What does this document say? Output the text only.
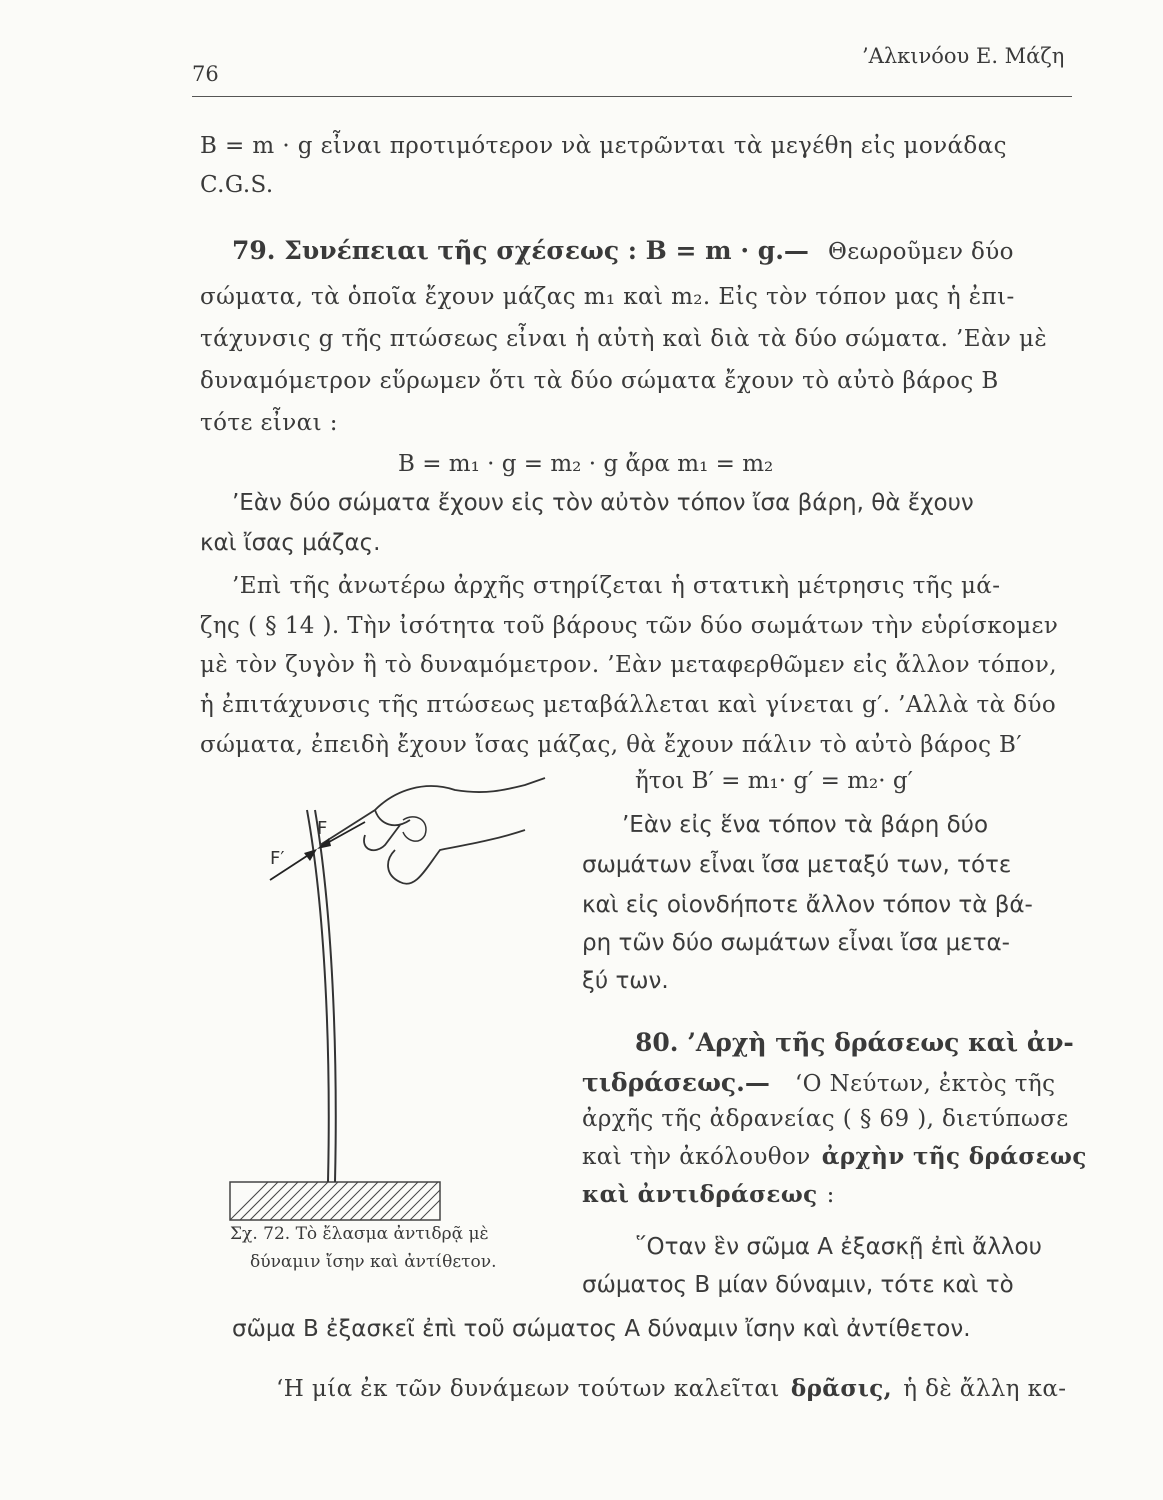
76
’Αλκινόου Ε. Μάζη
B = m · g εἶναι προτιμότερον νὰ μετρῶνται τὰ μεγέθη εἰς μονάδας
C.G.S.
79. Συνέπειαι τῆς σχέσεως : B = m · g.— Θεωροῦμεν δύο
σώματα, τὰ ὁποῖα ἔχουν μάζας m₁ καὶ m₂. Εἰς τὸν τόπον μας ἡ ἐπι-
τάχυνσις g τῆς πτώσεως εἶναι ἡ αὐτὴ καὶ διὰ τὰ δύο σώματα. ’Εὰν μὲ
δυναμόμετρον εὕρωμεν ὅτι τὰ δύο σώματα ἔχουν τὸ αὐτὸ βάρος B
τότε εἶναι :
B = m₁ · g = m₂ · g ἄρα m₁ = m₂
’Εὰν δύο σώματα ἔχουν εἰς τὸν αὐτὸν τόπον ἴσα βάρη, θὰ ἔχουν
καὶ ἴσας μάζας.
’Επὶ τῆς ἀνωτέρω ἀρχῆς στηρίζεται ἡ στατικὴ μέτρησις τῆς μά-
ζης ( § 14 ). Τὴν ἰσότητα τοῦ βάρους τῶν δύο σωμάτων τὴν εὑρίσκομεν
μὲ τὸν ζυγὸν ἢ τὸ δυναμόμετρον. ’Εὰν μεταφερθῶμεν εἰς ἄλλον τόπον,
ἡ ἐπιτάχυνσις τῆς πτώσεως μεταβάλλεται καὶ γίνεται g′. ’Αλλὰ τὰ δύο
σώματα, ἐπειδὴ ἔχουν ἴσας μάζας, θὰ ἔχουν πάλιν τὸ αὐτὸ βάρος B′
ἤτοι B′ = m₁· g′ = m₂· g′
’Εὰν εἰς ἕνα τόπον τὰ βάρη δύο
σωμάτων εἶναι ἴσα μεταξύ των, τότε
καὶ εἰς οἱονδήποτε ἄλλον τόπον τὰ βά-
ρη τῶν δύο σωμάτων εἶναι ἴσα μετα-
ξύ των.
80. ’Αρχὴ τῆς δράσεως καὶ ἀν-
τιδράσεως.— ‘Ο Νεύτων, ἐκτὸς τῆς
ἀρχῆς τῆς ἀδρανείας ( § 69 ), διετύπωσε
καὶ τὴν ἀκόλουθον ἀρχὴν τῆς δράσεως
καὶ ἀντιδράσεως :
῞Οταν ἓν σῶμα A ἐξασκῇ ἐπὶ ἄλλου
σώματος B μίαν δύναμιν, τότε καὶ τὸ
σῶμα B ἐξασκεῖ ἐπὶ τοῦ σώματος A δύναμιν ἴσην καὶ ἀντίθετον.
‘Η μία ἐκ τῶν δυνάμεων τούτων καλεῖται δρᾶσις, ἡ δὲ ἄλλη κα-
F
F′
Σχ. 72. Τὸ ἔλασμα ἀντιδρᾷ μὲ
δύναμιν ἴσην καὶ ἀντίθετον.
